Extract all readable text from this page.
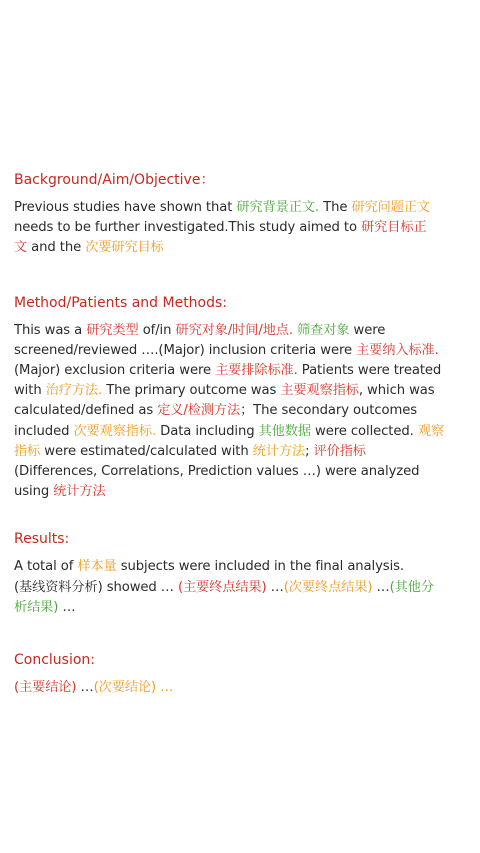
Background/Aim/Objective：

Previous studies have shown that 研究背景正文. The 研究问题正文
needs to be further investigated.This study aimed to 研究目标正
文 and the 次要研究目标

Method/Patients and Methods:

This was a 研究类型 of/in 研究对象/时间/地点. 筛查对象 were
screened/reviewed ….(Major) inclusion criteria were 主要纳入标准.
(Major) exclusion criteria were 主要排除标准. Patients were treated
with 治疗方法. The primary outcome was 主要观察指标, which was
calculated/defined as 定义/检测方法；The secondary outcomes
included 次要观察指标. Data including 其他数据 were collected. 观察
指标 were estimated/calculated with 统计方法; 评价指标
(Differences, Correlations, Prediction values …) were analyzed
using 统计方法

Results:

A total of 样本量 subjects were included in the final analysis.
(基线资料分析) showed … (主要终点结果) …(次要终点结果) …(其他分
析结果) …

Conclusion:

(主要结论) …(次要结论) …
